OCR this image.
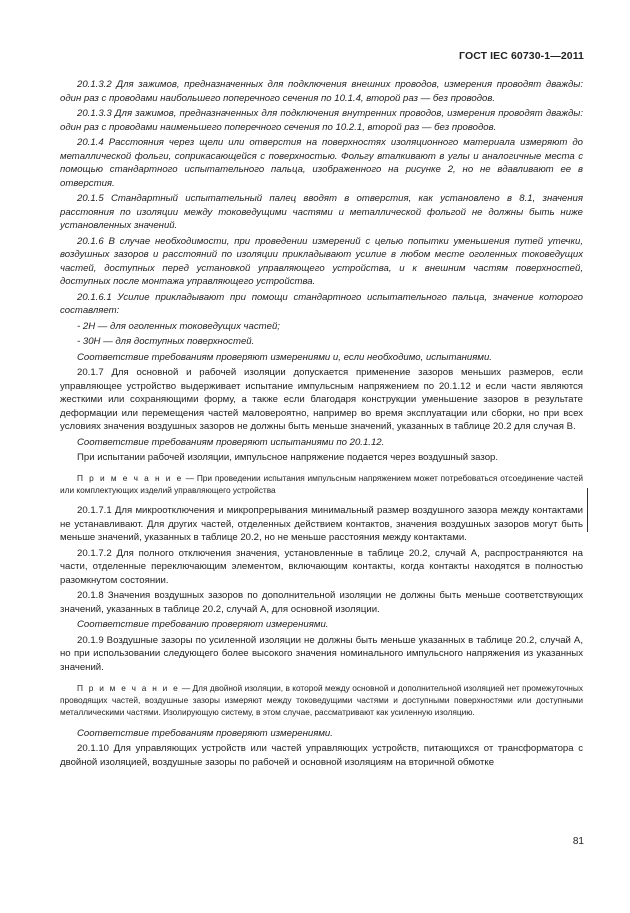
ГОСТ IEC 60730-1—2011

20.1.3.2 Для зажимов, предназначенных для подключения внешних проводов, измерения проводят дважды: один раз с проводами наибольшего поперечного сечения по 10.1.4, второй раз — без проводов.

20.1.3.3 Для зажимов, предназначенных для подключения внутренних проводов, измерения проводят дважды: один раз с проводами наименьшего поперечного сечения по 10.2.1, второй раз — без проводов.

20.1.4 Расстояния через щели или отверстия на поверхностях изоляционного материала измеряют до металлической фольги, соприкасающейся с поверхностью. Фольгу вталкивают в углы и аналогичные места с помощью стандартного испытательного пальца, изображенного на рисунке 2, но не вдавливают ее в отверстия.

20.1.5 Стандартный испытательный палец вводят в отверстия, как установлено в 8.1, значения расстояния по изоляции между токоведущими частями и металлической фольгой не должны быть ниже установленных значений.

20.1.6 В случае необходимости, при проведении измерений с целью попытки уменьшения путей утечки, воздушных зазоров и расстояний по изоляции прикладывают усилие в любом месте оголенных токоведущих частей, доступных перед установкой управляющего устройства, и к внешним частям поверхностей, доступных после монтажа управляющего устройства.

20.1.6.1 Усилие прикладывают при помощи стандартного испытательного пальца, значение которого составляет:

- 2Н — для оголенных токоведущих частей;

- 30Н — для доступных поверхностей.

Соответствие требованиям проверяют измерениями и, если необходимо, испытаниями.

20.1.7 Для основной и рабочей изоляции допускается применение зазоров меньших размеров, если управляющее устройство выдерживает испытание импульсным напряжением по 20.1.12 и если части являются жесткими или сохраняющими форму, а также если благодаря конструкции уменьшение зазоров в результате деформации или перемещения частей маловероятно, например во время эксплуатации или сборки, но при всех условиях значения воздушных зазоров не должны быть меньше значений, указанных в таблице 20.2 для случая В.

Соответствие требованиям проверяют испытаниями по 20.1.12.

При испытании рабочей изоляции, импульсное напряжение подается через воздушный зазор.

П р и м е ч а н и е — При проведении испытания импульсным напряжением может потребоваться отсоединение частей или комплектующих изделий управляющего устройства

20.1.7.1 Для микроотключения и микропрерывания минимальный размер воздушного зазора между контактами не устанавливают. Для других частей, отделенных действием контактов, значения воздушных зазоров могут быть меньше значений, указанных в таблице 20.2, но не меньше расстояния между контактами.

20.1.7.2 Для полного отключения значения, установленные в таблице 20.2, случай А, распространяются на части, отделенные переключающим элементом, включающим контакты, когда контакты находятся в полностью разомкнутом состоянии.

20.1.8 Значения воздушных зазоров по дополнительной изоляции не должны быть меньше соответствующих значений, указанных в таблице 20.2, случай А, для основной изоляции.

Соответствие требованию проверяют измерениями.

20.1.9 Воздушные зазоры по усиленной изоляции не должны быть меньше указанных в таблице 20.2, случай А, но при использовании следующего более высокого значения номинального импульсного напряжения из указанных значений.

П р и м е ч а н и е — Для двойной изоляции, в которой между основной и дополнительной изоляцией нет промежуточных проводящих частей, воздушные зазоры измеряют между токоведущими частями и доступными поверхностями или доступными металлическими частями. Изолирующую систему, в этом случае, рассматривают как усиленную изоляцию.

Соответствие требованиям проверяют измерениями.

20.1.10 Для управляющих устройств или частей управляющих устройств, питающихся от трансформатора с двойной изоляцией, воздушные зазоры по рабочей и основной изоляциям на вторичной обмотке

81
